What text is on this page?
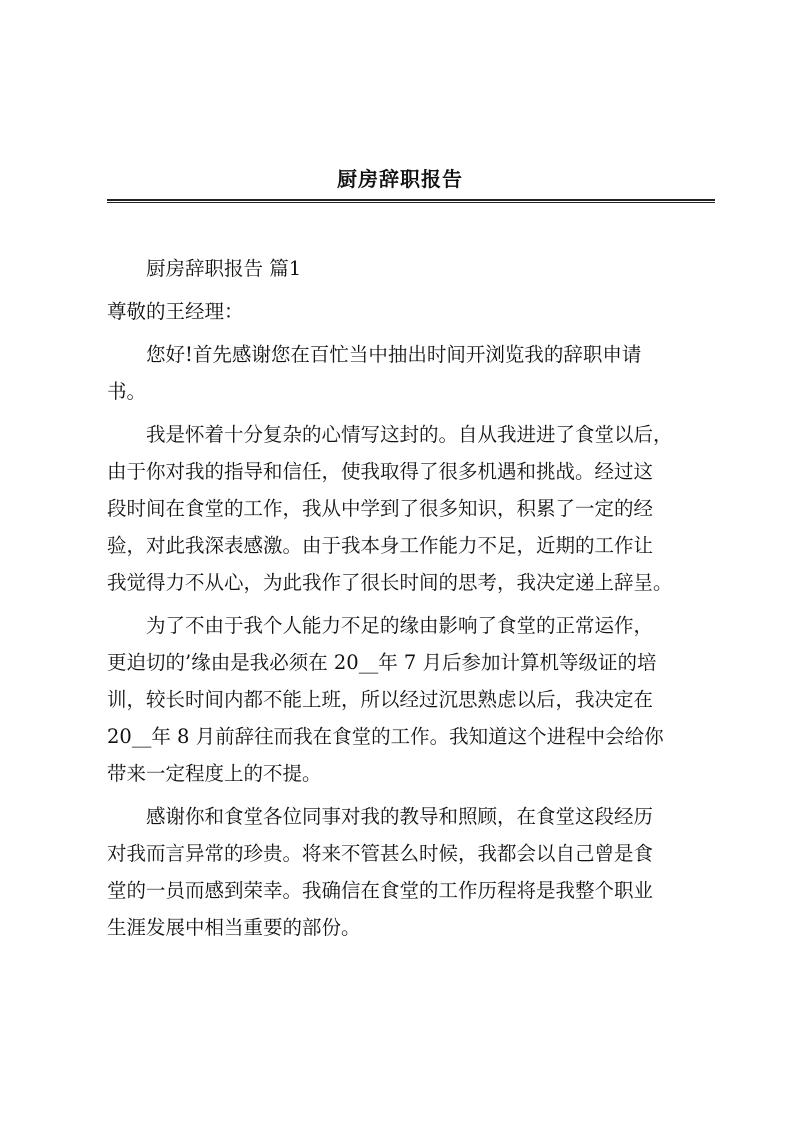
厨房辞职报告
厨房辞职报告 篇1
尊敬的王经理：
您好!首先感谢您在百忙当中抽出时间开浏览我的辞职申请
书。
我是怀着十分复杂的心情写这封的。自从我进进了食堂以后，
由于你对我的指导和信任，使我取得了很多机遇和挑战。经过这
段时间在食堂的工作，我从中学到了很多知识，积累了一定的经
验，对此我深表感激。由于我本身工作能力不足，近期的工作让
我觉得力不从心，为此我作了很长时间的思考，我决定递上辞呈。
为了不由于我个人能力不足的缘由影响了食堂的正常运作，
更迫切的’缘由是我必须在 20__年 7 月后参加计算机等级证的培
训，较长时间内都不能上班，所以经过沉思熟虑以后，我决定在
20__年 8 月前辞往而我在食堂的工作。我知道这个进程中会给你
带来一定程度上的不提。
感谢你和食堂各位同事对我的教导和照顾，在食堂这段经历
对我而言异常的珍贵。将来不管甚么时候，我都会以自己曾是食
堂的一员而感到荣幸。我确信在食堂的工作历程将是我整个职业
生涯发展中相当重要的部份。
